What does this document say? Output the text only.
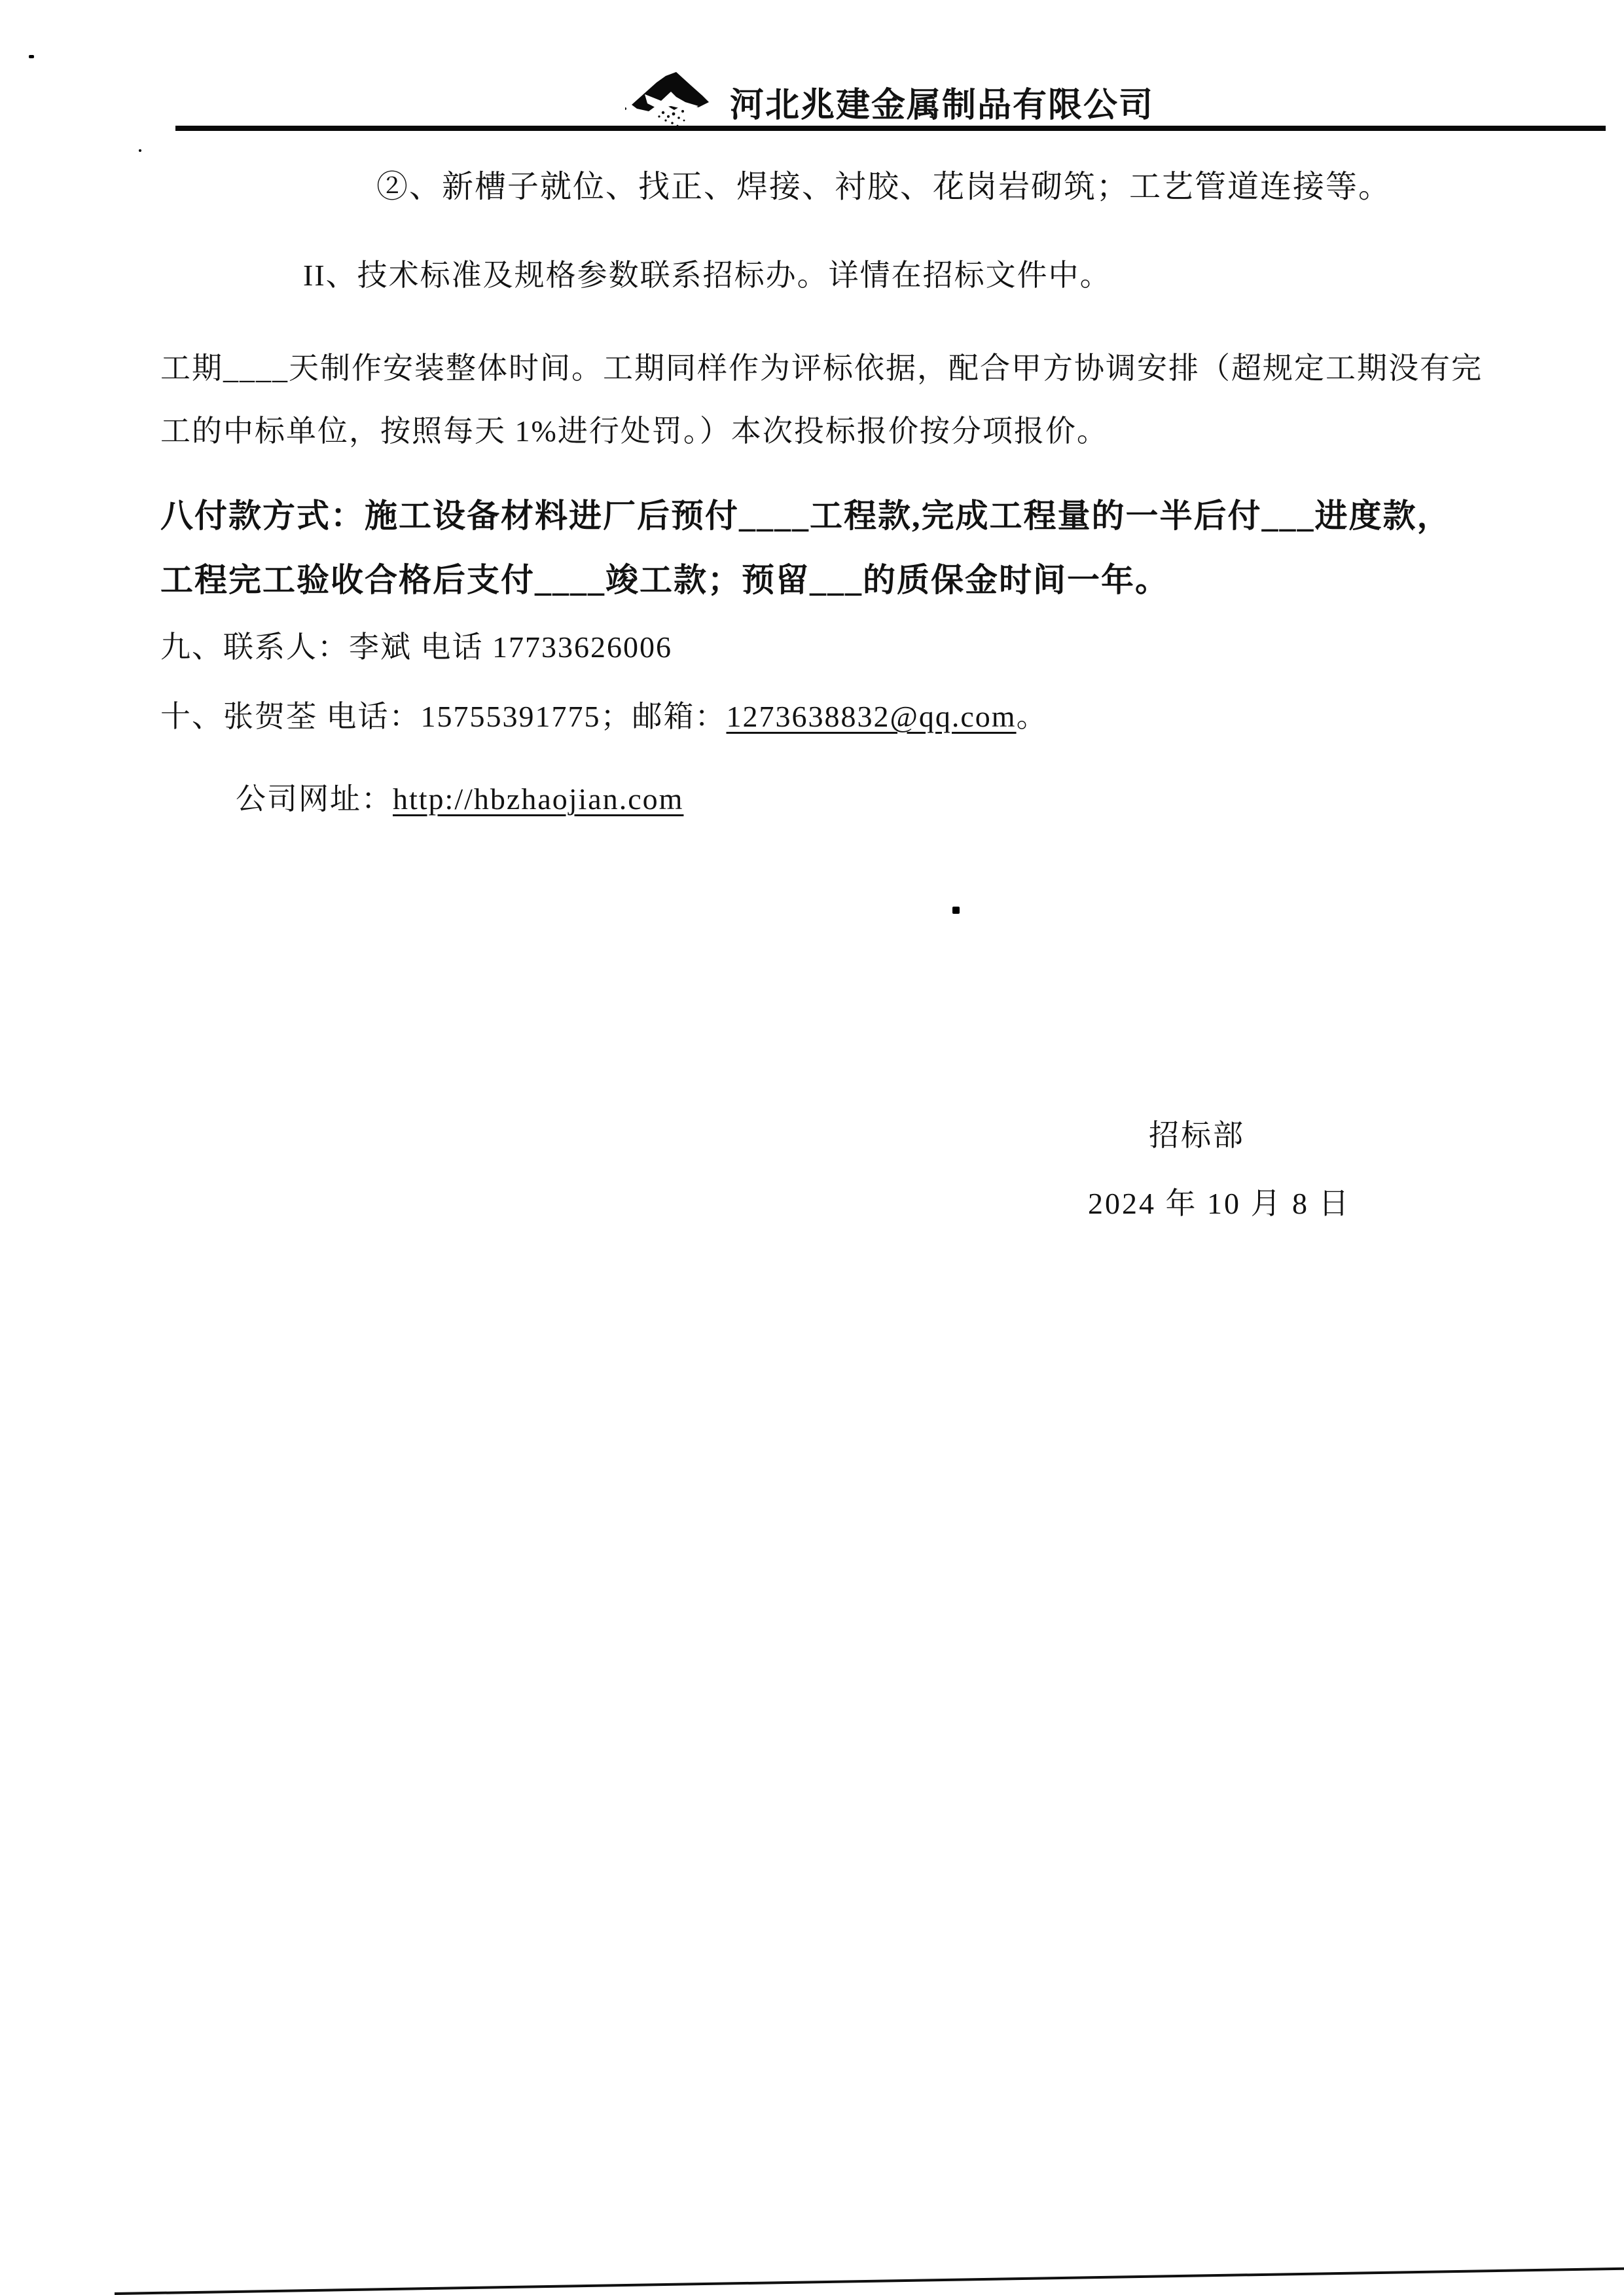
河北兆建金属制品有限公司
②、新槽子就位、找正、焊接、衬胶、花岗岩砌筑；工艺管道连接等。
II、技术标准及规格参数联系招标办。详情在招标文件中。
工期____天制作安装整体时间。工期同样作为评标依据，配合甲方协调安排（超规定工期没有完
工的中标单位，按照每天 1%进行处罚。）本次投标报价按分项报价。
八付款方式：施工设备材料进厂后预付____工程款,完成工程量的一半后付___进度款，
工程完工验收合格后支付____竣工款；预留___的质保金时间一年。
九、联系人：李斌 电话 17733626006
十、张贺荃 电话：15755391775；邮箱：1273638832@qq.com。
公司网址：http://hbzhaojian.com
招标部
2024 年 10 月 8 日
